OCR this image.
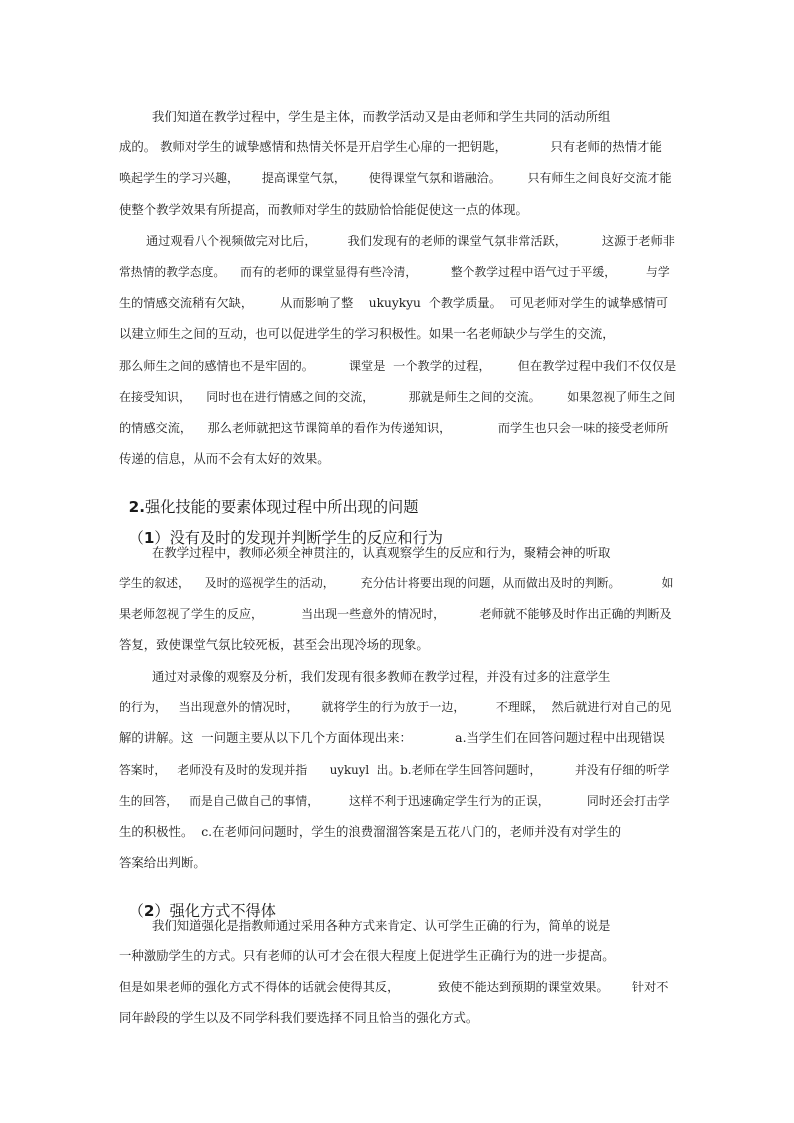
我们知道在教学过程中，学生是主体，而教学活动又是由老师和学生共同的活动所组
成的。 教师对学生的诚挚感情和热情关怀是开启学生心扉的一把钥匙，           只有老师的热情才能
唤起学生的学习兴趣，      提高课堂气氛，      使得课堂气氛和谐融洽。       只有师生之间良好交流才能
使整个教学效果有所提高，而教师对学生的鼓励恰恰能促使这一点的体现。
通过观看八个视频做完对比后，        我们发现有的老师的课堂气氛非常活跃，         这源于老师非
常热情的教学态度。    而有的老师的课堂显得有些冷清，         整个教学过程中语气过于平缓，        与学
生的情感交流稍有欠缺，       从而影响了整    ukuykyu  个教学质量。  可见老师对学生的诚挚感情可
以建立师生之间的互动，也可以促进学生的学习积极性。如果一名老师缺少与学生的交流，
那么师生之间的感情也不是牢固的。         课堂是  一个教学的过程，       但在教学过程中我们不仅仅是
在接受知识，    同时也在进行情感之间的交流，         那就是师生之间的交流。       如果忽视了师生之间
的情感交流，    那么老师就把这节课简单的看作为传递知识，            而学生也只会一味的接受老师所
传递的信息，从而不会有太好的效果。

2.强化技能的要素体现过程中所出现的问题

（1）没有及时的发现并判断学生的反应和行为

在教学过程中，教师必须全神贯注的，认真观察学生的反应和行为，聚精会神的听取
学生的叙述，    及时的巡视学生的活动，       充分估计将要出现的问题，从而做出及时的判断。           如
果老师忽视了学生的反应，          当出现一些意外的情况时，         老师就不能够及时作出正确的判断及
答复，致使课堂气氛比较死板，甚至会出现冷场的现象。
通过对录像的观察及分析，我们发现有很多教师在教学过程，并没有过多的注意学生
的行为，   当出现意外的情况时，      就将学生的行为放于一边，        不理睬，  然后就进行对自己的见
解的讲解。这  一问题主要从以下几个方面体现出来：           a.当学生们在回答问题过程中出现错误
答案时，   老师没有及时的发现并指      uykuyl  出。b.老师在学生回答问题时，         并没有仔细的听学
生的回答，   而是自己做自己的事情，        这样不利于迅速确定学生行为的正误，          同时还会打击学
生的积极性。  c.在老师问问题时，学生的浪费溜溜答案是五花八门的，老师并没有对学生的
答案给出判断。

（2）强化方式不得体

我们知道强化是指教师通过采用各种方式来肯定、认可学生正确的行为，简单的说是
一种激励学生的方式。只有老师的认可才会在很大程度上促进学生正确行为的进一步提高。
但是如果老师的强化方式不得体的话就会使得其反，          致使不能达到预期的课堂效果。      针对不
同年龄段的学生以及不同学科我们要选择不同且恰当的强化方式。
